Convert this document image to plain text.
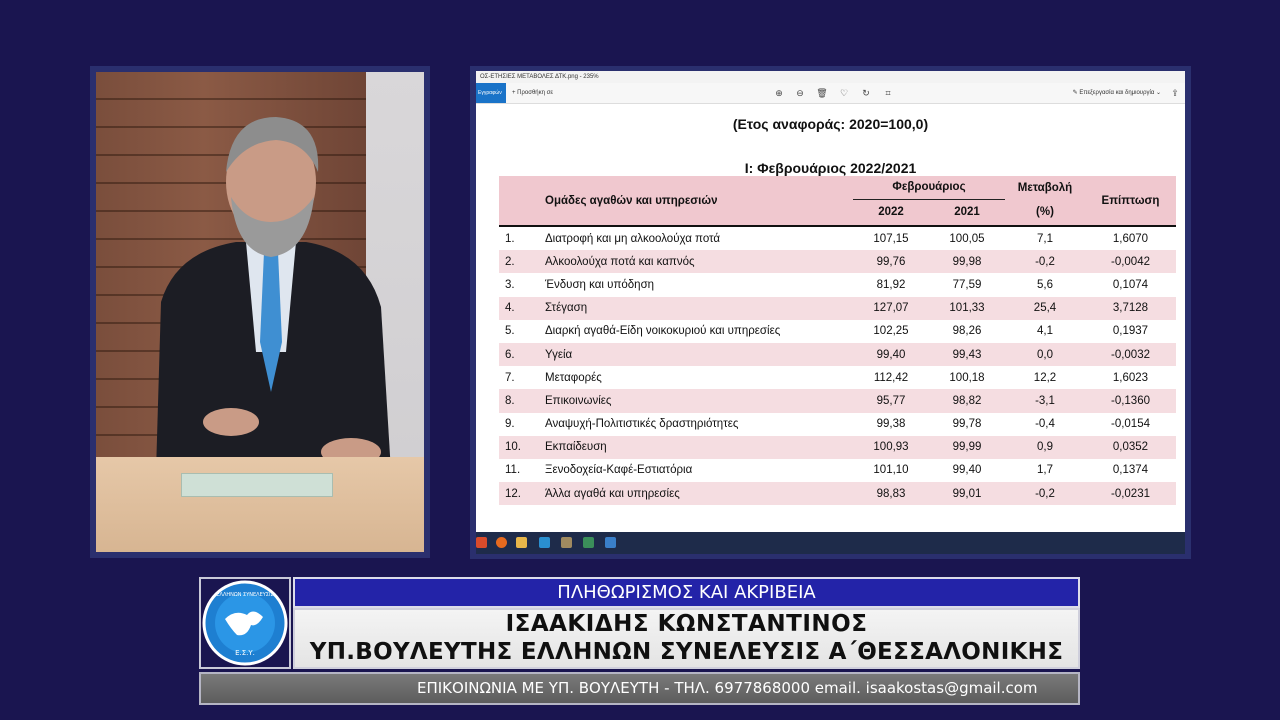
ΟΣ-ΕΤΗΣΙΕΣ ΜΕΤΑΒΟΛΕΣ ΔΤΚ.png - 235%
Εγγραφών	+ Προσθήκη σε	⊕ ⊖ 🗑 ♡ ↻	⌗	✎ Επεξεργασία και δημιουργία ⌄ ⇪
(Ετος αναφοράς: 2020=100,0)
Ι: Φεβρουάριος 2022/2021
	Ομάδες αγαθών και υπηρεσιών	Φεβρουάριος		Μεταβολή	Επίπτωση
		2022	2021	(%)	

1.	Διατροφή και μη αλκοολούχα ποτά	107,15	100,05	7,1	1,6070
2.	Αλκοολούχα ποτά και καπνός	99,76	99,98	-0,2	-0,0042
3.	Ένδυση και υπόδηση	81,92	77,59	5,6	0,1074
4.	Στέγαση	127,07	101,33	25,4	3,7128
5.	Διαρκή αγαθά-Είδη νοικοκυριού και υπηρεσίες	102,25	98,26	4,1	0,1937
6.	Υγεία	99,40	99,43	0,0	-0,0032
7.	Μεταφορές	112,42	100,18	12,2	1,6023
8.	Επικοινωνίες	95,77	98,82	-3,1	-0,1360
9.	Αναψυχή-Πολιτιστικές δραστηριότητες	99,38	99,78	-0,4	-0,0154
10.	Εκπαίδευση	100,93	99,99	0,9	0,0352
11.	Ξενοδοχεία-Καφέ-Εστιατόρια	101,10	99,40	1,7	0,1374
12.	Άλλα αγαθά και υπηρεσίες	98,83	99,01	-0,2	-0,0231
Ε.Σ.Υ.
ΕΛΛΗΝΩΝ ΣΥΝΕΛΕΥΣΙΣ	ΠΛΗΘΩΡΙΣΜΟΣ ΚΑΙ ΑΚΡΙΒΕΙΑ
ΙΣΑΑΚΙΔΗΣ ΚΩΝΣΤΑΝΤΙΝΟΣ
ΥΠ.ΒΟΥΛΕΥΤΗΣ ΕΛΛΗΝΩΝ ΣΥΝΕΛΕΥΣΙΣ Α΄ΘΕΣΣΑΛΟΝΙΚΗΣ
ΕΠΙΚΟΙΝΩΝΙΑ ΜΕ ΥΠ. ΒΟΥΛΕΥΤΗ - ΤΗΛ. 6977868000 email. isaakostas@gmail.com
